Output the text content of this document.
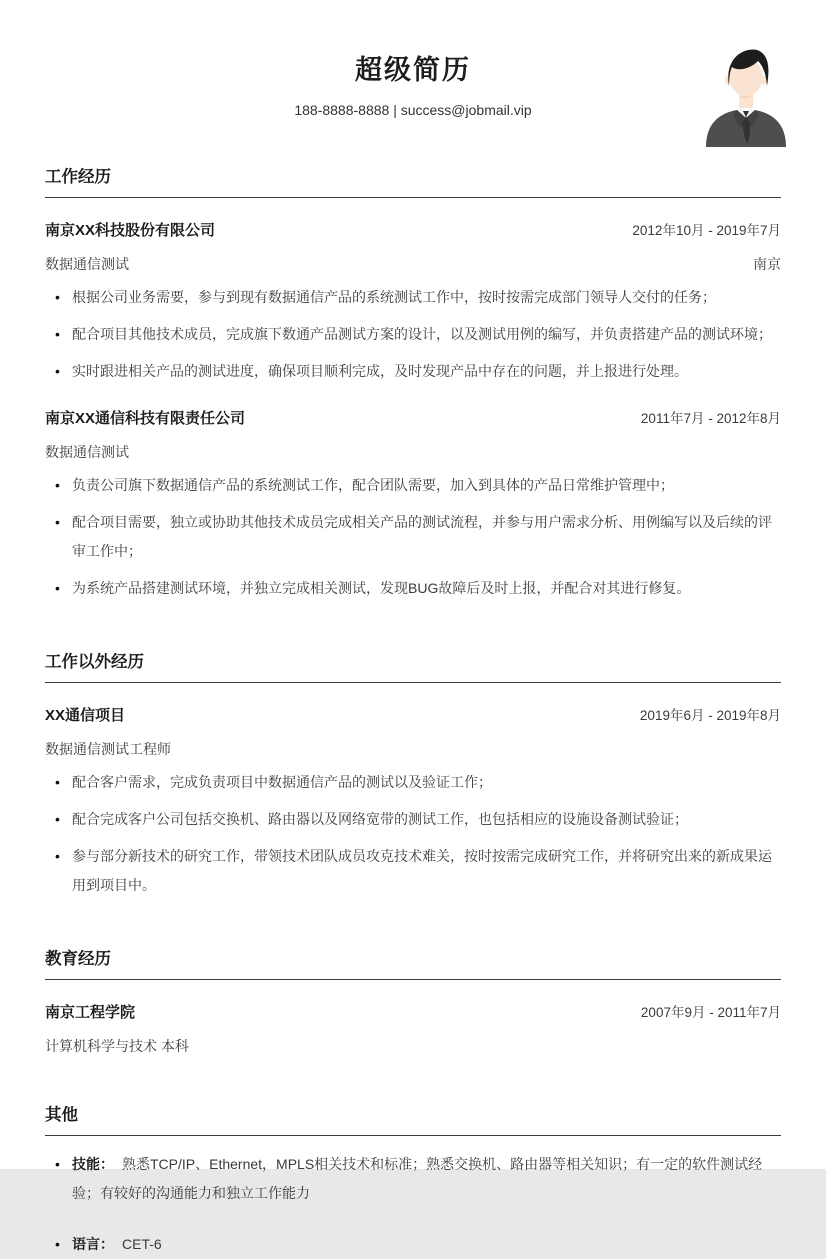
超级简历
188-8888-8888 | success@jobmail.vip
工作经历
南京XX科技股份有限公司	2012年10月 - 2019年7月
数据通信测试	南京
• 根据公司业务需要，参与到现有数据通信产品的系统测试工作中，按时按需完成部门领导人交付的任务；
• 配合项目其他技术成员，完成旗下数通产品测试方案的设计，以及测试用例的编写，并负责搭建产品的测试环境；
• 实时跟进相关产品的测试进度，确保项目顺利完成，及时发现产品中存在的问题，并上报进行处理。
南京XX通信科技有限责任公司	2011年7月 - 2012年8月
数据通信测试
• 负责公司旗下数据通信产品的系统测试工作，配合团队需要，加入到具体的产品日常维护管理中；
• 配合项目需要，独立或协助其他技术成员完成相关产品的测试流程，并参与用户需求分析、用例编写以及后续的评审工作中；
• 为系统产品搭建测试环境，并独立完成相关测试，发现BUG故障后及时上报，并配合对其进行修复。
工作以外经历
XX通信项目	2019年6月 - 2019年8月
数据通信测试工程师
• 配合客户需求，完成负责项目中数据通信产品的测试以及验证工作；
• 配合完成客户公司包括交换机、路由器以及网络宽带的测试工作，也包括相应的设施设备测试验证；
• 参与部分新技术的研究工作，带领技术团队成员攻克技术难关，按时按需完成研究工作，并将研究出来的新成果运用到项目中。
教育经历
南京工程学院	2007年9月 - 2011年7月
计算机科学与技术 本科
其他
• 技能： 熟悉TCP/IP、Ethernet，MPLS相关技术和标准；熟悉交换机、路由器等相关知识；有一定的软件测试经验；有较好的沟通能力和独立工作能力
• 语言： CET-6
